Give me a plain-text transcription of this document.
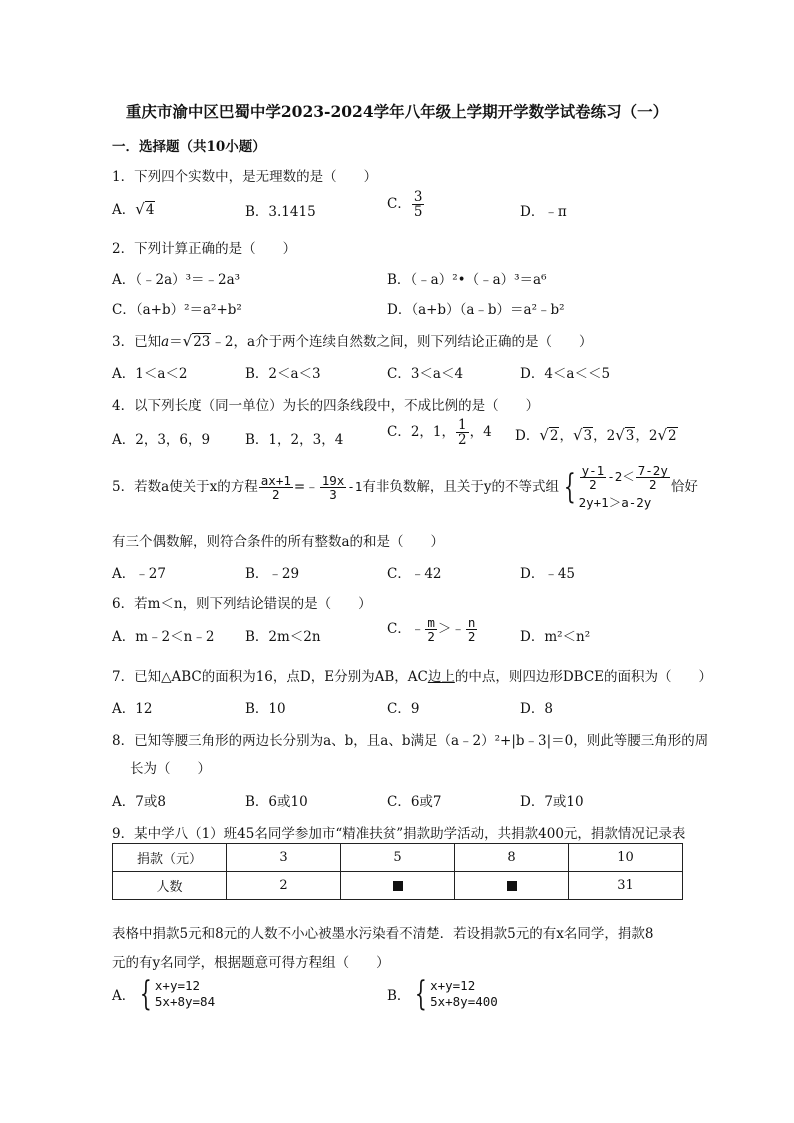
重庆市渝中区巴蜀中学2023-2024学年八年级上学期开学数学试卷练习（一）
一．选择题（共10小题）
1．下列四个实数中，是无理数的是（　　）
A．√4	B．3.1415	C． $\frac{3}{5}$	D．﹣π
2．下列计算正确的是（　　）
A．（﹣2a）³＝﹣2a³	B．（﹣a）²•（﹣a）³＝a⁶
C．（a+b）²＝a²+b²	D．（a+b）（a﹣b）＝a²﹣b²
3．已知a＝√23﹣2，a介于两个连续自然数之间，则下列结论正确的是（　　）
A．1＜a＜2	B．2＜a＜3	C．3＜a＜4	D．4＜a＜＜5
4．以下列长度（同一单位）为长的四条线段中，不成比例的是（　　）
A．2，3，6，9	B．1，2，3，4	C．2，1， $\frac{1}{2}$ ，4 D．√2，√3，2√3，2√2
5．若数a使关于x的方程 $\frac{ax+1}{2}$ =﹣ $\frac{19x}{3} -1$有非负数解，且关于y的不等式组 { $\frac{y-1}{2} -2< \frac{7-2y}{2}$
2y+1＞a-2y
恰好
有三个偶数解，则符合条件的所有整数a的和是（　　）
A．﹣27	B．﹣29	C．﹣42	D．﹣45
6．若m＜n，则下列结论错误的是（　　）
A．m﹣2＜n﹣2 B．2m＜2n	C．﹣ $\frac{m}{2}$ ＞﹣ $\frac{n}{2}$	D．m²＜n²
7．已知△ABC的面积为16，点D，E分别为AB，AC边上的中点，则四边形DBCE的面积为（　　）
A．12	B．10	C．9	D．8
8．已知等腰三角形的两边长分别为a、b，且a、b满足（a﹣2）²+|b﹣3|＝0，则此等腰三角形的周
长为（　　）
A．7或8	B．6或10	C．6或7	D．7或10
9．某中学八（1）班45名同学参加市“精准扶贫”捐款助学活动，共捐款400元，捐款情况记录表
捐款（元）	3	5	8	10
人数	2			31
表格中捐款5元和8元的人数不小心被墨水污染看不清楚．若设捐款5元的有x名同学，捐款8
元的有y名同学，根据题意可得方程组（　　）
A． { x+y=12
5x+8y=84	B． { x+y=12
5x+8y=400
